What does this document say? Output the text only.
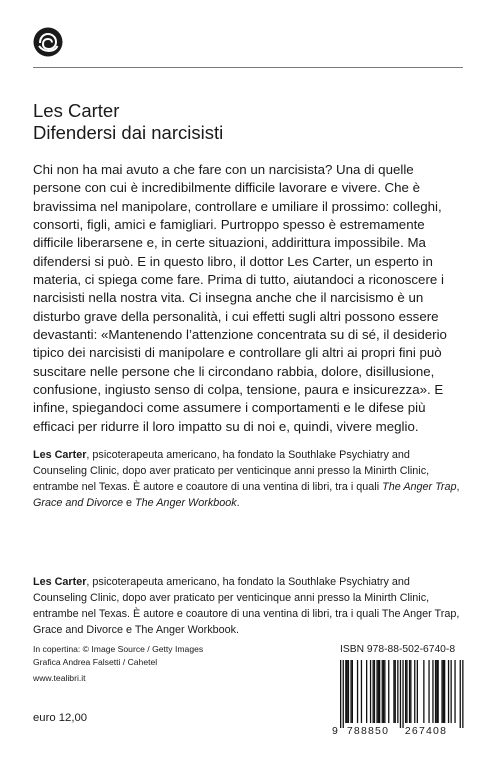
Les Carter
Difendersi dai narcisisti

Chi non ha mai avuto a che fare con un narcisista? Una di quelle persone con cui è incredibilmente difficile lavorare e vivere. Che è bravissima nel manipolare, controllare e umiliare il prossimo: colleghi, consorti, figli, amici e famigliari. Purtroppo spesso è estremamente difficile liberarsene e, in certe situazioni, addirittura impossibile. Ma difendersi si può. E in questo libro, il dottor Les Carter, un esperto in materia, ci spiega come fare. Prima di tutto, aiutandoci a riconoscere i narcisisti nella nostra vita. Ci insegna anche che il narcisismo è un disturbo grave della personalità, i cui effetti sugli altri possono essere devastanti: «Mantenendo l’attenzione concentrata su di sé, il desiderio tipico dei narcisisti di manipolare e controllare gli altri ai propri fini può suscitare nelle persone che li circondano rabbia, dolore, disillusione, confusione, ingiusto senso di colpa, tensione, paura e insicurezza». E infine, spiegandoci come assumere i comportamenti e le difese più efficaci per ridurre il loro impatto su di noi e, quindi, vivere meglio.

Les Carter, psicoterapeuta americano, ha fondato la Southlake Psychiatry and Counseling Clinic, dopo aver praticato per venticinque anni presso la Minirth Clinic, entrambe nel Texas. È autore e coautore di una ventina di libri, tra i quali The Anger Trap, Grace and Divorce e The Anger Workbook.

Les Carter, psicoterapeuta americano, ha fondato la Southlake Psychiatry and Counseling Clinic, dopo aver praticato per venticinque anni presso la Minirth Clinic, entrambe nel Texas. È autore e coautore di una ventina di libri, tra i quali The Anger Trap, Grace and Divorce e The Anger Workbook.

In copertina: © Image Source / Getty Images
Grafica Andrea Falsetti / Cahetel
www.tealibri.it
euro 12,00
ISBN 978-88-502-6740-8
9 788850 267408
